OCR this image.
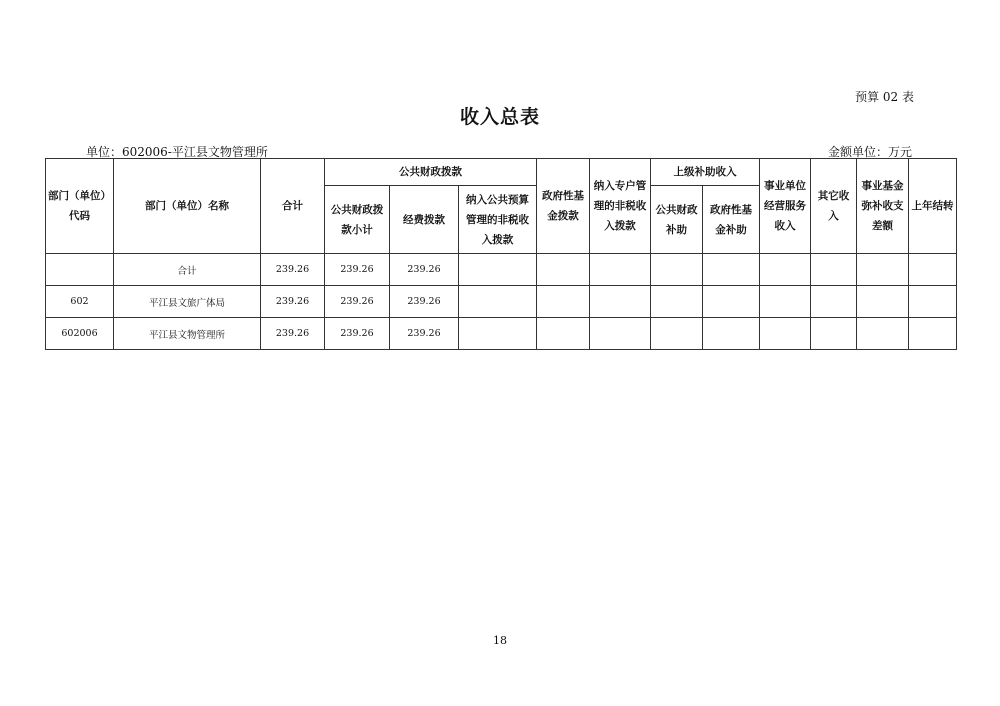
预算 02 表
收入总表
单位：602006-平江县文物管理所	金额单位：万元
部门（单位）代码	部门（单位）名称	合计	公共财政拨款			政府性基金拨款	纳入专户管理的非税收入拨款	上级补助收入		事业单位经营服务收入	其它收入	事业基金弥补收支差额	上年结转
			公共财政拨款小计	经费拨款	纳入公共预算管理的非税收入拨款			公共财政补助	政府性基金补助				
	合计	239.26	239.26	239.26									
602	平江县文旅广体局	239.26	239.26	239.26									
602006	平江县文物管理所	239.26	239.26	239.26									
18
